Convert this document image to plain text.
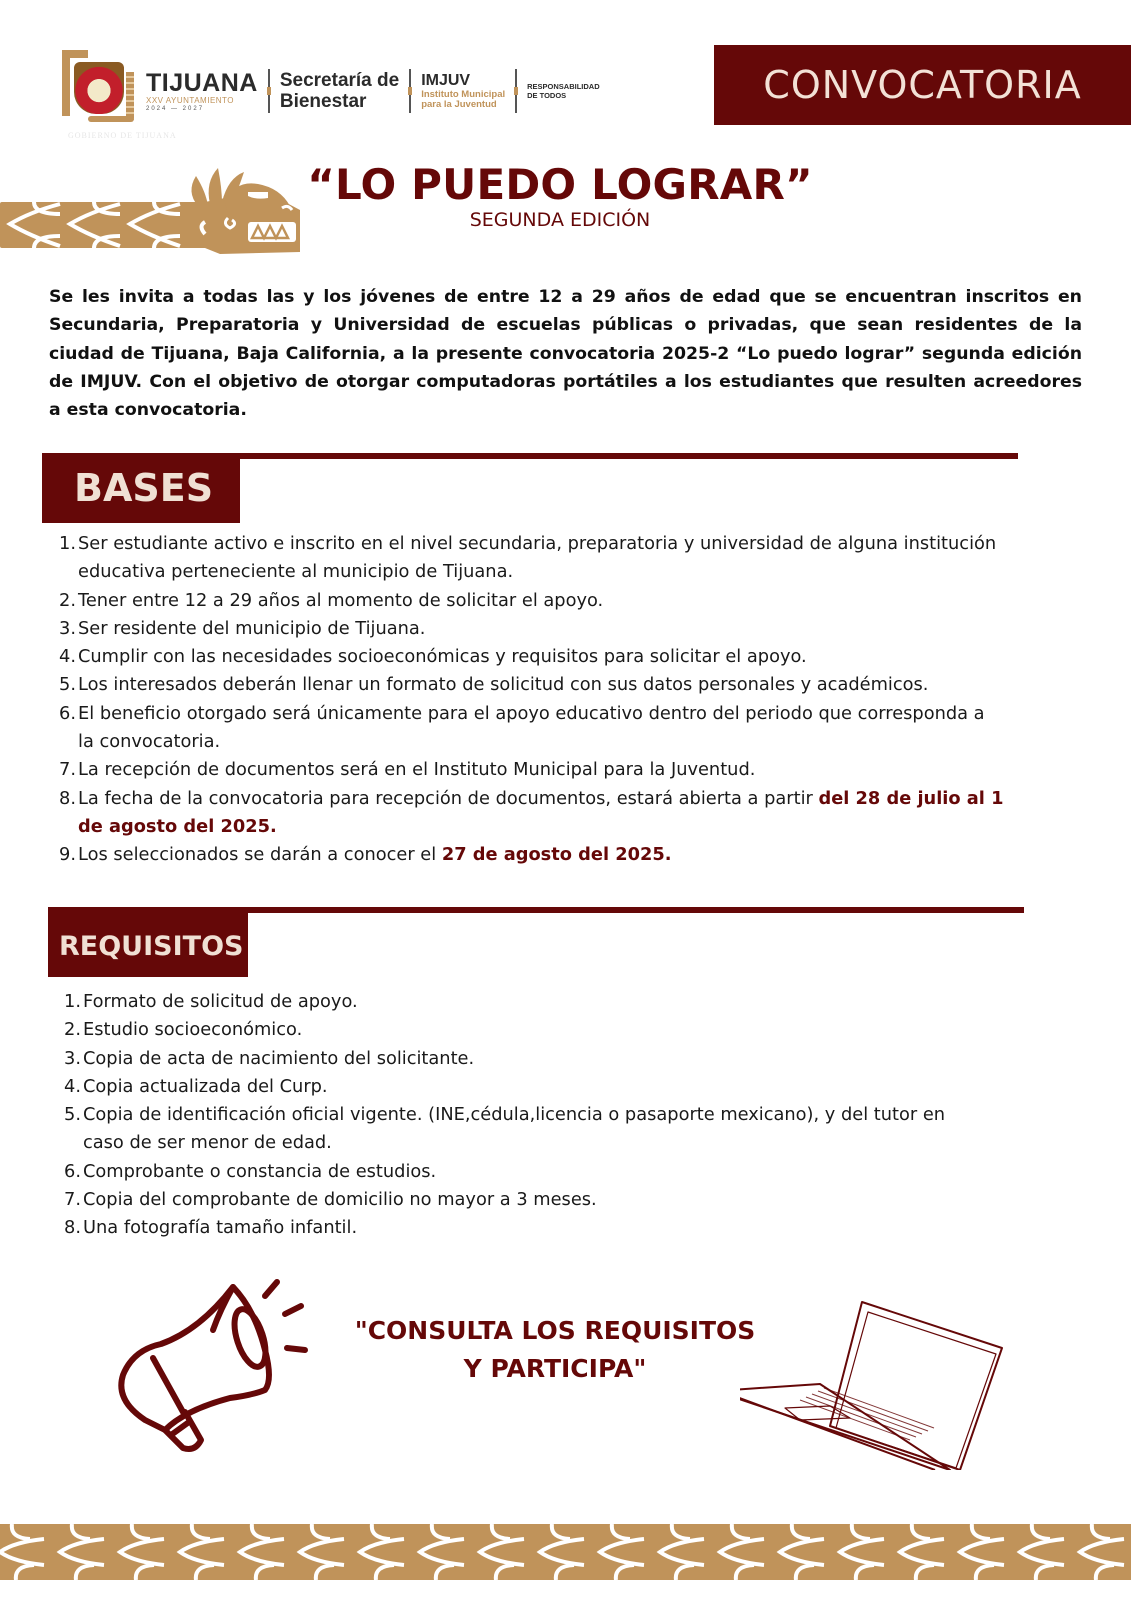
TIJUANA
XXV AYUNTAMIENTO
2024 — 2027
Secretaría de
Bienestar
IMJUV
Instituto Municipal
para la Juventud
RESPONSABILIDAD
DE TODOS
GOBIERNO DE TIJUANA
CONVOCATORIA
“LO PUEDO LOGRAR”
SEGUNDA EDICIÓN

Se les invita a todas las y los jóvenes de entre 12 a 29 años de edad que se encuentran inscritos en Secundaria, Preparatoria y Universidad de escuelas públicas o privadas, que sean residentes de la ciudad de Tijuana, Baja California, a la presente convocatoria 2025-2 “Lo puedo lograr” segunda edición de IMJUV. Con el objetivo de otorgar computadoras portátiles a los estudiantes que resulten acreedores a esta convocatoria.

BASES
1. Ser estudiante activo e inscrito en el nivel secundaria, preparatoria y universidad de alguna institución educativa perteneciente al municipio de Tijuana.
2. Tener entre 12 a 29 años al momento de solicitar el apoyo.
3. Ser residente del municipio de Tijuana.
4. Cumplir con las necesidades socioeconómicas y requisitos para solicitar el apoyo.
5. Los interesados deberán llenar un formato de solicitud con sus datos personales y académicos.
6. El beneficio otorgado será únicamente para el apoyo educativo dentro del periodo que corresponda a la convocatoria.
7. La recepción de documentos será en el Instituto Municipal para la Juventud.
8. La fecha de la convocatoria para recepción de documentos, estará abierta a partir del 28 de julio al 1 de agosto del 2025.
9. Los seleccionados se darán a conocer el 27 de agosto del 2025.
REQUISITOS
1. Formato de solicitud de apoyo.
2. Estudio socioeconómico.
3. Copia de acta de nacimiento del solicitante.
4. Copia actualizada del Curp.
5. Copia de identificación oficial vigente. (INE,cédula,licencia o pasaporte mexicano), y del tutor en caso de ser menor de edad.
6. Comprobante o constancia de estudios.
7. Copia del comprobante de domicilio no mayor a 3 meses.
8. Una fotografía tamaño infantil.
"CONSULTA LOS REQUISITOS
Y PARTICIPA"
